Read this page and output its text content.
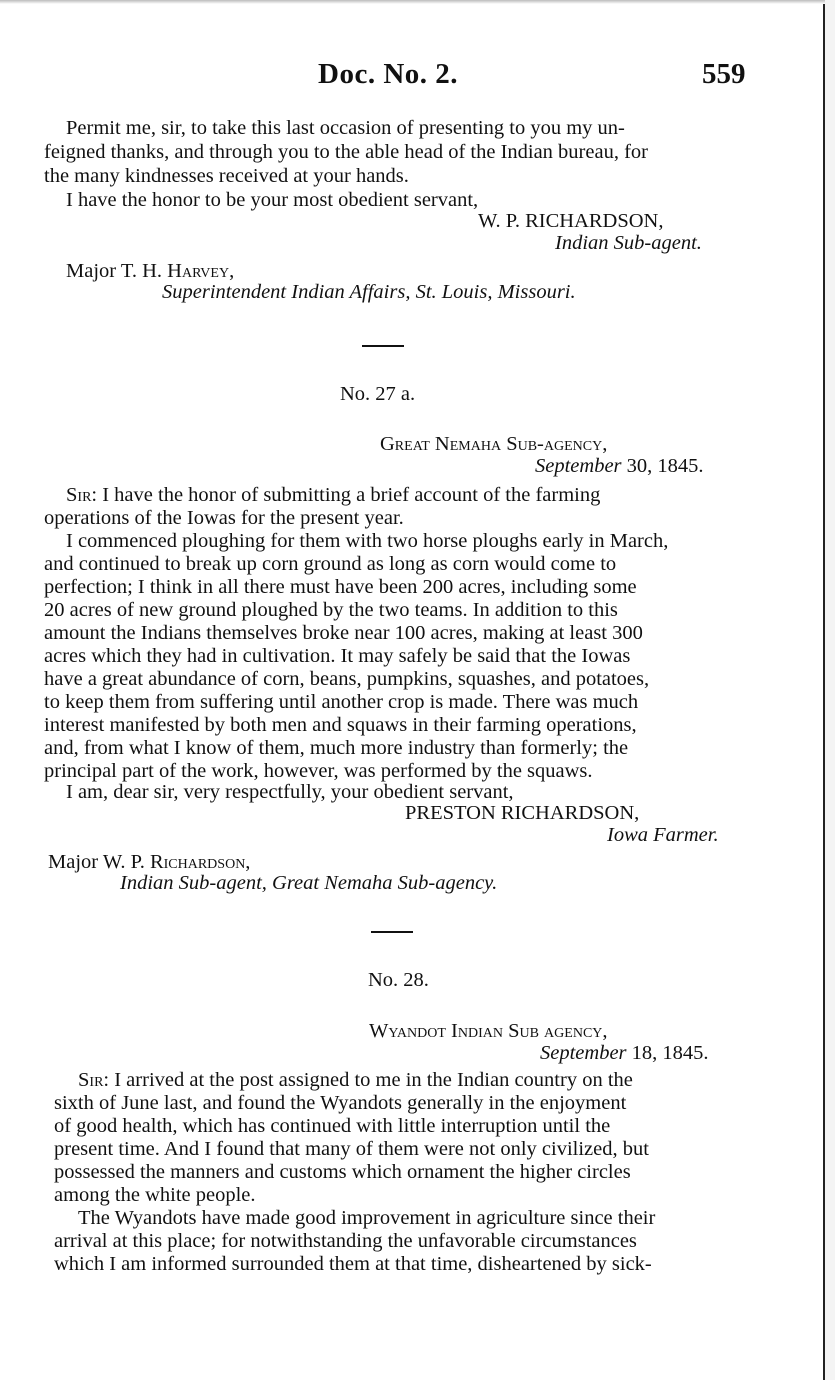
Doc. No. 2.	559
Permit me, sir, to take this last occasion of presenting to you my un-
feigned thanks, and through you to the able head of the Indian bureau, for
the many kindnesses received at your hands.
I have the honor to be your most obedient servant,
W. P. RICHARDSON,
Indian Sub-agent.
Major T. H. Harvey,
Superintendent Indian Affairs, St. Louis, Missouri.
No. 27 a.
Great Nemaha Sub-agency,
September 30, 1845.
Sir: I have the honor of submitting a brief account of the farming
operations of the Iowas for the present year.
I commenced ploughing for them with two horse ploughs early in March,
and continued to break up corn ground as long as corn would come to
perfection; I think in all there must have been 200 acres, including some
20 acres of new ground ploughed by the two teams. In addition to this
amount the Indians themselves broke near 100 acres, making at least 300
acres which they had in cultivation. It may safely be said that the Iowas
have a great abundance of corn, beans, pumpkins, squashes, and potatoes,
to keep them from suffering until another crop is made. There was much
interest manifested by both men and squaws in their farming operations,
and, from what I know of them, much more industry than formerly; the
principal part of the work, however, was performed by the squaws.
I am, dear sir, very respectfully, your obedient servant,
PRESTON RICHARDSON,
Iowa Farmer.
Major W. P. Richardson,
Indian Sub-agent, Great Nemaha Sub-agency.
No. 28.
Wyandot Indian Sub agency,
September 18, 1845.
Sir: I arrived at the post assigned to me in the Indian country on the
sixth of June last, and found the Wyandots generally in the enjoyment
of good health, which has continued with little interruption until the
present time. And I found that many of them were not only civilized, but
possessed the manners and customs which ornament the higher circles
among the white people.
The Wyandots have made good improvement in agriculture since their
arrival at this place; for notwithstanding the unfavorable circumstances
which I am informed surrounded them at that time, disheartened by sick-
